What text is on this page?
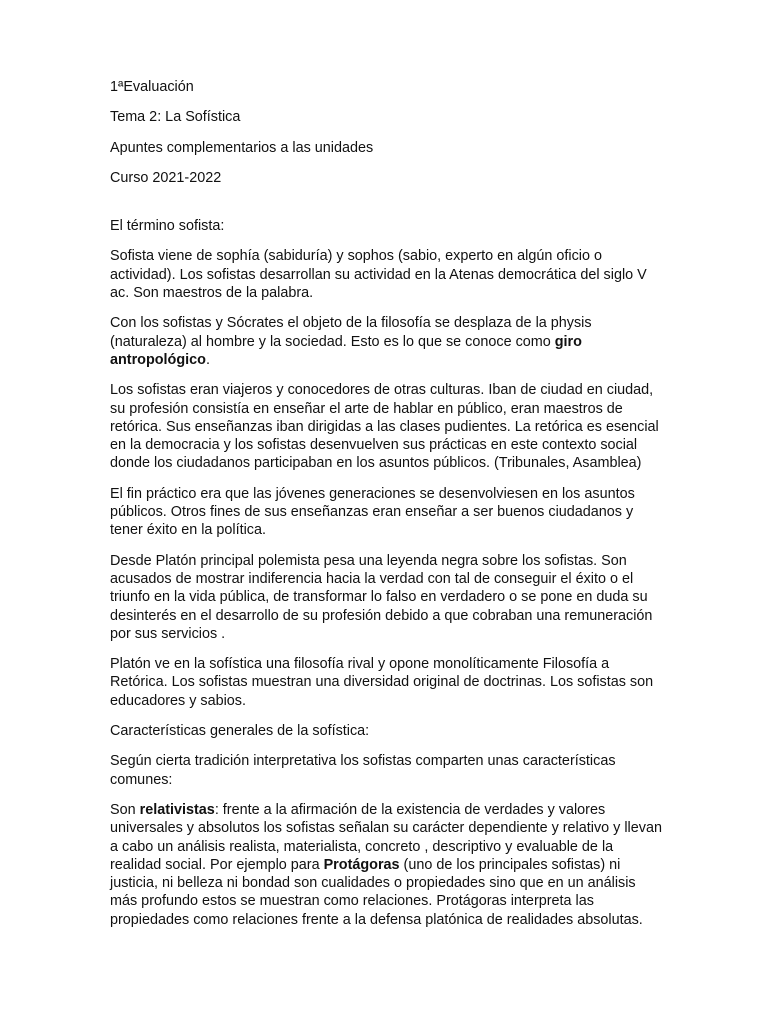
1ªEvaluación
Tema 2: La Sofística
Apuntes complementarios a las unidades
Curso 2021-2022
El término sofista:

Sofista viene de sophía (sabiduría) y sophos (sabio, experto en algún oficio o actividad). Los sofistas desarrollan su actividad en la Atenas democrática del siglo V ac. Son maestros de la palabra.

Con los sofistas y Sócrates el objeto de la filosofía se desplaza de la physis (naturaleza) al hombre y la sociedad. Esto es lo que se conoce como giro antropológico.

Los sofistas eran viajeros y conocedores de otras culturas. Iban de ciudad en ciudad, su profesión consistía en enseñar el arte de hablar en público, eran maestros de retórica. Sus enseñanzas iban dirigidas a las clases pudientes. La retórica es esencial en la democracia y los sofistas desenvuelven sus prácticas en este contexto social donde los ciudadanos participaban en los asuntos públicos. (Tribunales, Asamblea)

El fin práctico era que las jóvenes generaciones se desenvolviesen en los asuntos públicos. Otros fines de sus enseñanzas eran enseñar a ser buenos ciudadanos y tener éxito en la política.

Desde Platón principal polemista pesa una leyenda negra sobre los sofistas. Son acusados de mostrar indiferencia hacia la verdad con tal de conseguir el éxito o el triunfo en la vida pública, de transformar lo falso en verdadero o se pone en duda su desinterés en el desarrollo de su profesión debido a que cobraban una remuneración por sus servicios .

Platón ve en la sofística una filosofía rival y opone monolíticamente Filosofía a Retórica. Los sofistas muestran una diversidad original de doctrinas. Los sofistas son educadores y sabios.

Características generales de la sofística:

Según cierta tradición interpretativa los sofistas comparten unas características comunes:

Son relativistas: frente a la afirmación de la existencia de verdades y valores universales y absolutos los sofistas señalan su carácter dependiente y relativo y llevan a cabo un análisis realista, materialista, concreto , descriptivo y evaluable de la realidad social. Por ejemplo para Protágoras (uno de los principales sofistas) ni justicia, ni belleza ni bondad son cualidades o propiedades sino que en un análisis más profundo estos se muestran como relaciones. Protágoras interpreta las propiedades como relaciones frente a la defensa platónica de realidades absolutas.
